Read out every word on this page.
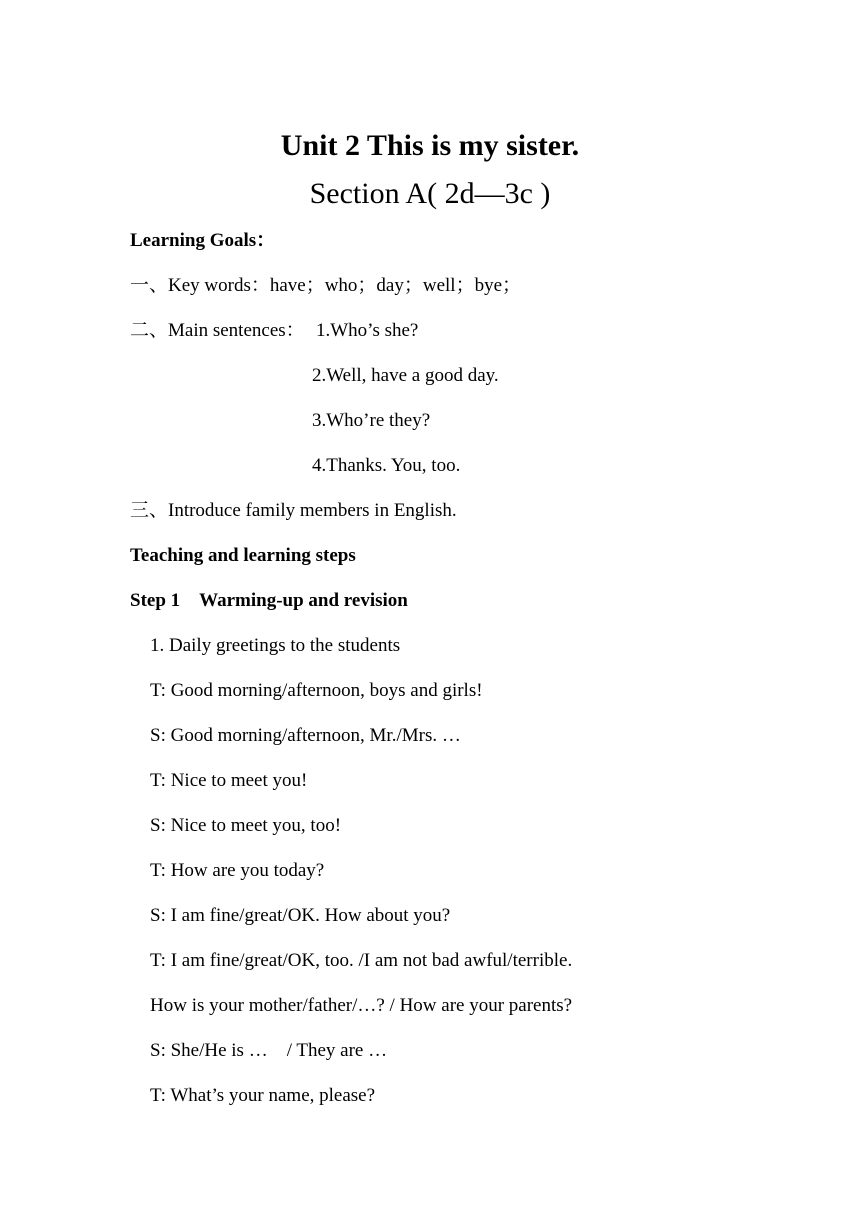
Unit 2 This is my sister.
Section A( 2d—3c )
Learning Goals：
一、Key words：have；who；day；well；bye；
二、Main sentences： 1.Who’s she?
2.Well, have a good day.
3.Who’re they?
4.Thanks. You, too.
三、Introduce family members in English.
Teaching and learning steps
Step 1    Warming-up and revision
1. Daily greetings to the students
T: Good morning/afternoon, boys and girls!
S: Good morning/afternoon, Mr./Mrs. …
T: Nice to meet you!
S: Nice to meet you, too!
T: How are you today?
S: I am fine/great/OK. How about you?
T: I am fine/great/OK, too. /I am not bad awful/terrible.
How is your mother/father/…? / How are your parents?
S: She/He is …    / They are …
T: What’s your name, please?
